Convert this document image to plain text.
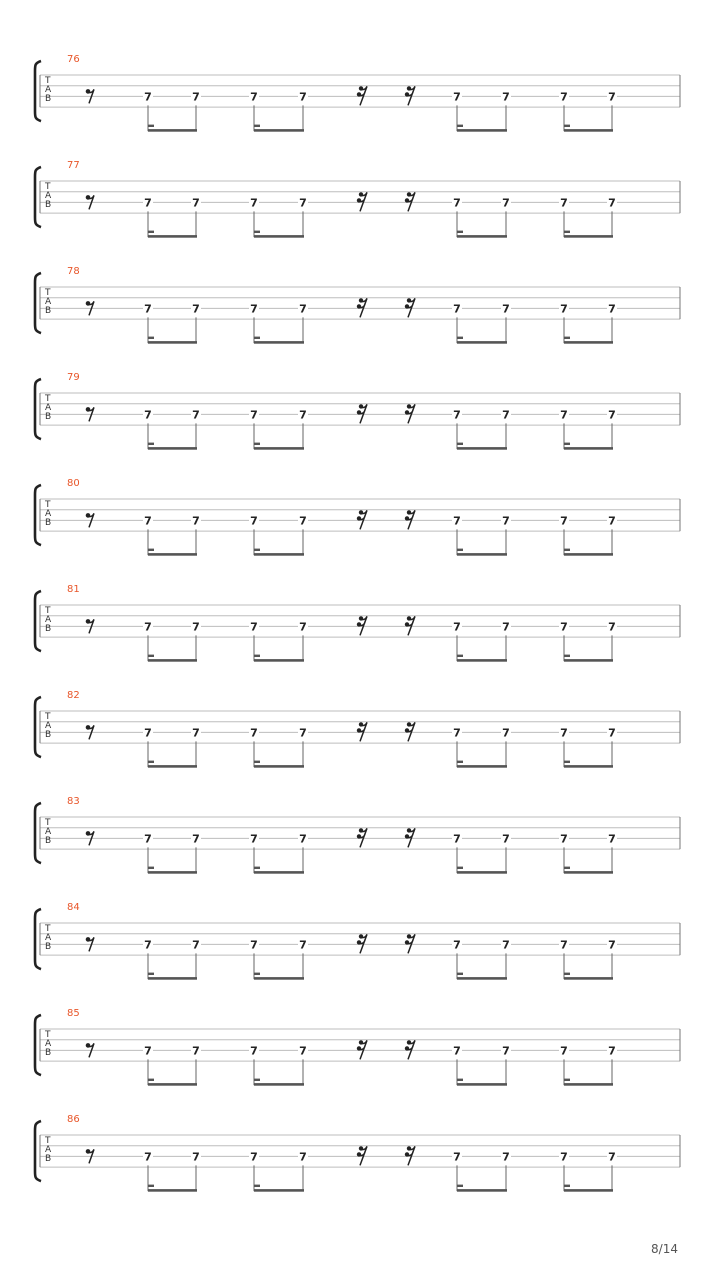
76
T
A
B	7	7	7	7	7	7	7	7
77
T
A
B	7	7	7	7	7	7	7	7
78
T
A
B	7	7	7	7	7	7	7	7
79
T
A
B	7	7	7	7	7	7	7	7
80
T
A
B	7	7	7	7	7	7	7	7
81
T
A
B	7	7	7	7	7	7	7	7
82
T
A
B	7	7	7	7	7	7	7	7
83
T
A
B	7	7	7	7	7	7	7	7
84
T
A
B	7	7	7	7	7	7	7	7
85
T
A
B	7	7	7	7	7	7	7	7
86
T
A
B	7	7	7	7	7	7	7	7
8/14
